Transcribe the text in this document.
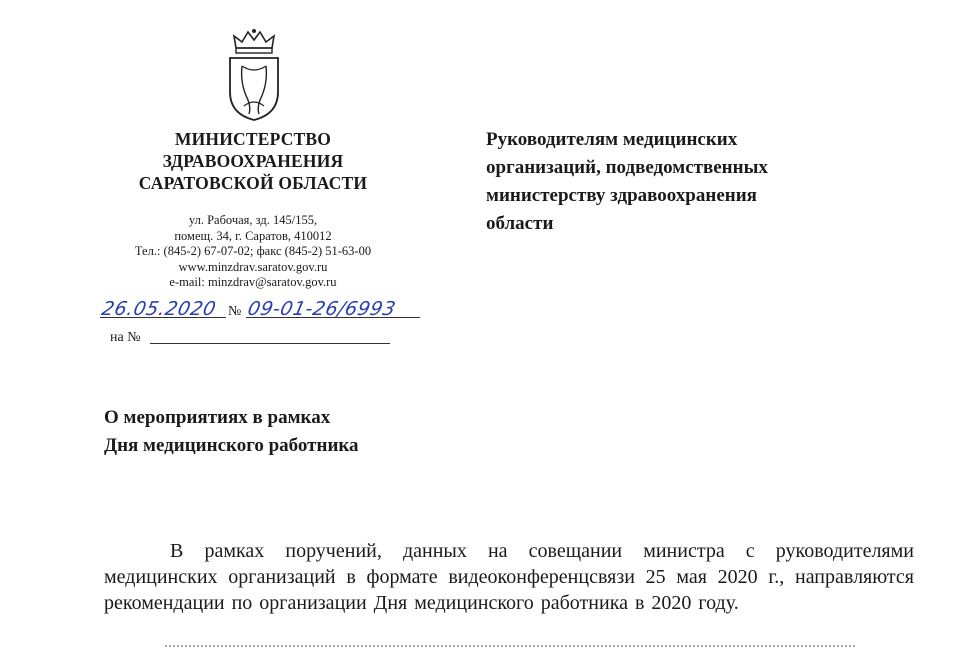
МИНИСТЕРСТВО
ЗДРАВООХРАНЕНИЯ
САРАТОВСКОЙ ОБЛАСТИ
ул. Рабочая, зд. 145/155,
помещ. 34, г. Саратов, 410012
Тел.: (845-2) 67-07-02; факс (845-2) 51-63-00
www.minzdrav.saratov.gov.ru
e-mail: minzdrav@saratov.gov.ru
26.05.2020 № 09-01-26/6993
на №
Руководителям медицинских
организаций, подведомственных
министерству здравоохранения
области
О мероприятиях в рамках
Дня медицинского работника
В рамках поручений, данных на совещании министра с руководителями медицинских организаций в формате видеоконференцсвязи 25 мая 2020 г., направляются рекомендации по организации Дня медицинского работника в 2020 году.
